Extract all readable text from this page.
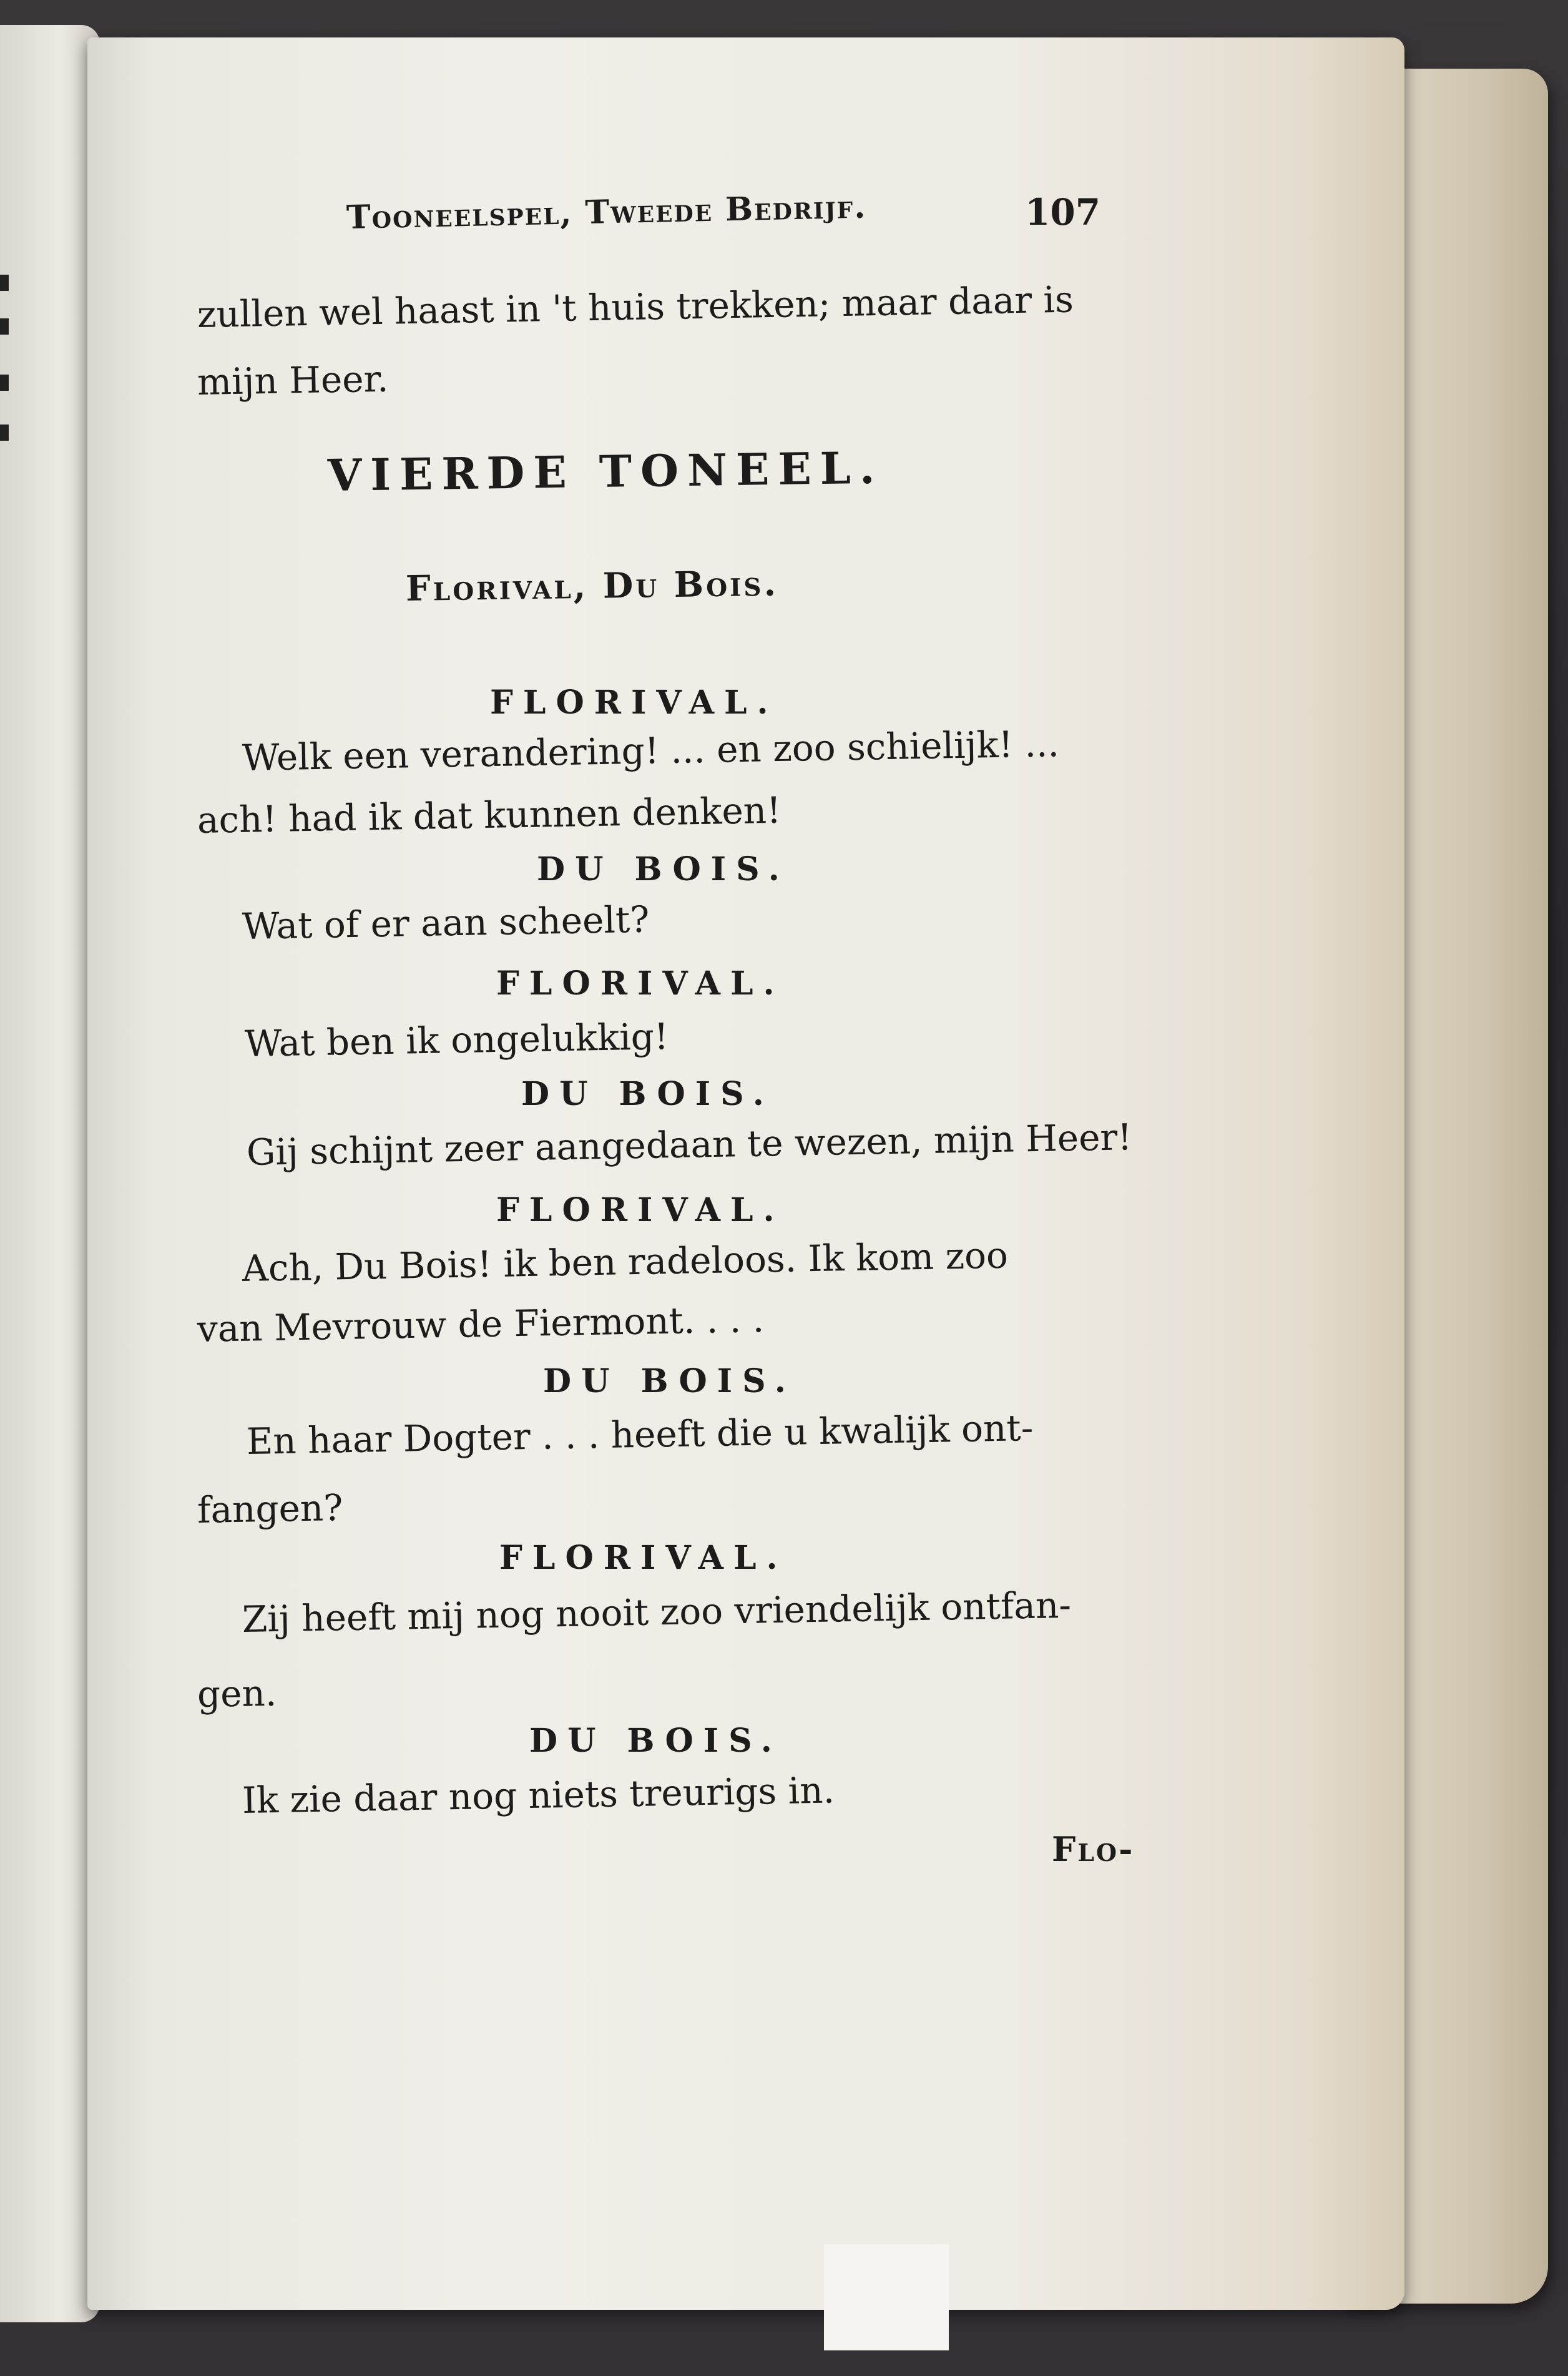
Tooneelspel, Tweede Bedrijf.	107
zullen wel haast in 't huis trekken; maar daar is
mijn Heer.
VIERDE TONEEL.
Florival, Du Bois.
FLORIVAL.
Welk een verandering! ... en zoo schielijk! ...
ach! had ik dat kunnen denken!
DU BOIS.
Wat of er aan scheelt?
FLORIVAL.
Wat ben ik ongelukkig!
DU BOIS.
Gij schijnt zeer aangedaan te wezen, mijn Heer!
FLORIVAL.
Ach, Du Bois! ik ben radeloos. Ik kom zoo
van Mevrouw de Fiermont. . . .
DU BOIS.
En haar Dogter . . . heeft die u kwalijk ont-
fangen?
FLORIVAL.
Zij heeft mij nog nooit zoo vriendelijk ontfan-
gen.
DU BOIS.
Ik zie daar nog niets treurigs in.
Flo-
